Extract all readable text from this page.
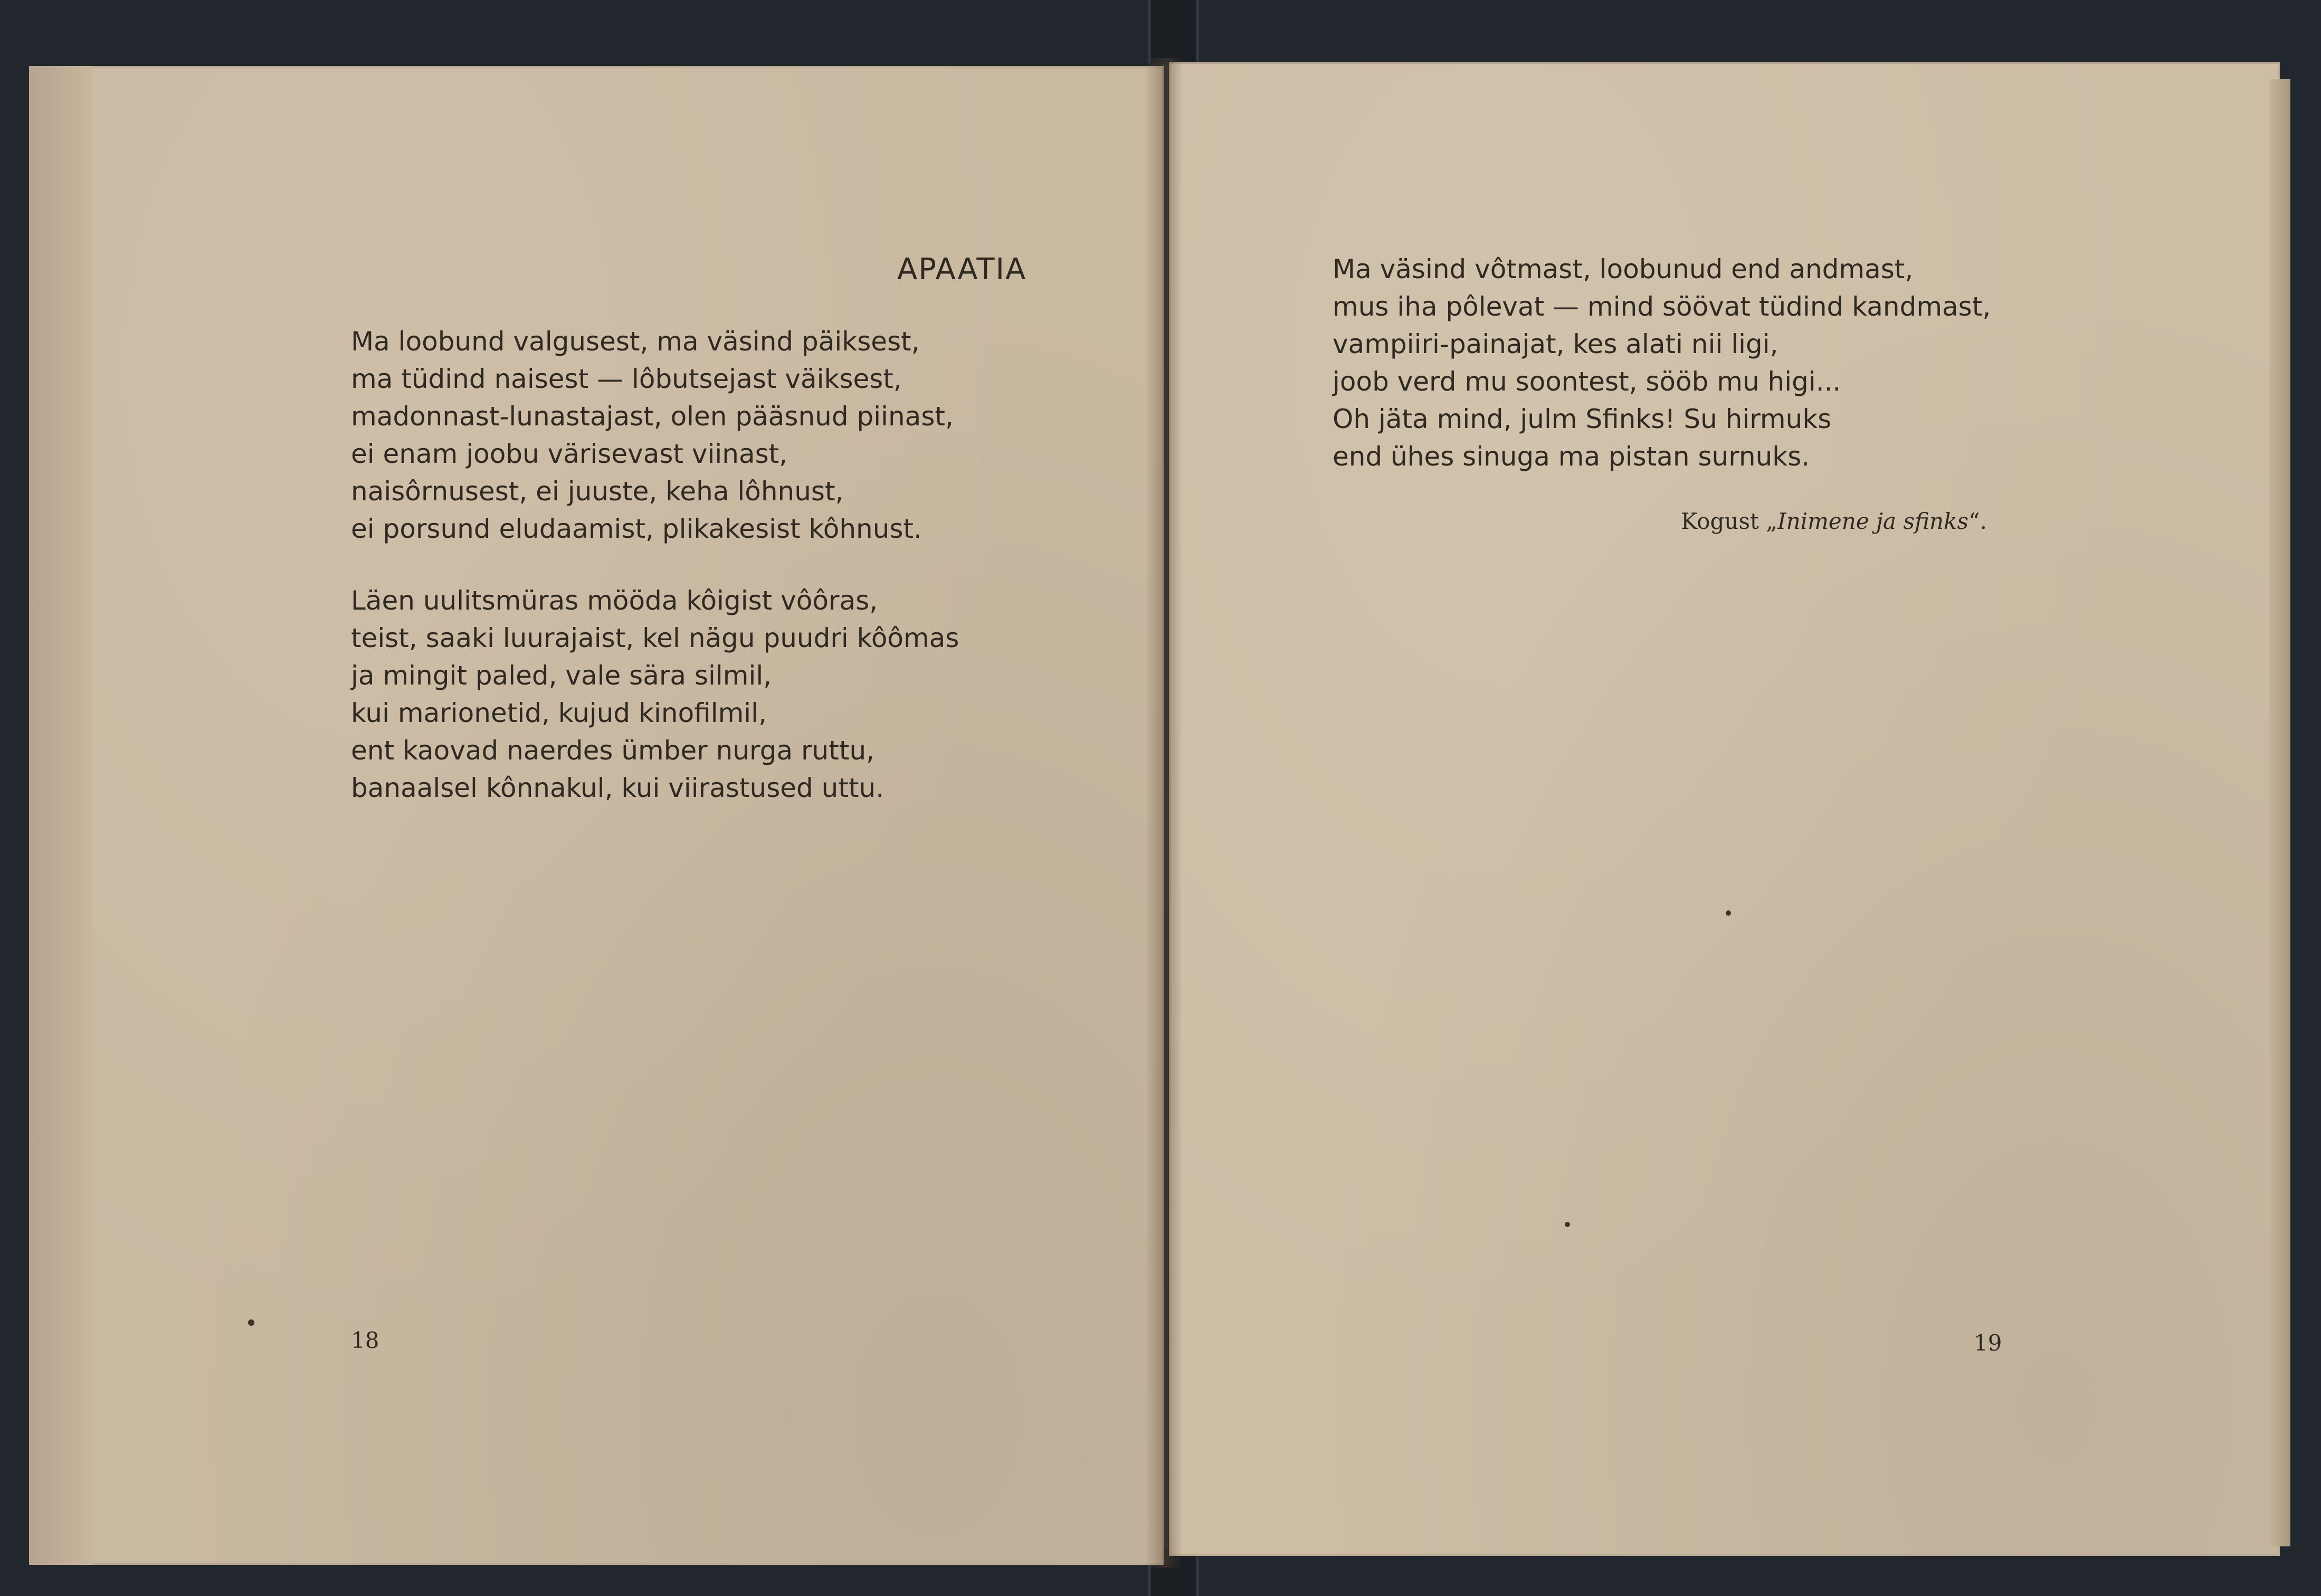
APAATIA
Ma loobund valgusest, ma väsind päiksest,
ma tüdind naisest — lôbutsejast väiksest,
madonnast-lunastajast, olen pääsnud piinast,
ei enam joobu värisevast viinast,
naisôrnusest, ei juuste, keha lôhnust,
ei porsund eludaamist, plikakesist kôhnust.
Läen uulitsmüras mööda kôigist vôôras,
teist, saaki luurajaist, kel nägu puudri kôômas
ja mingit paled, vale sära silmil,
kui marionetid, kujud kinofilmil,
ent kaovad naerdes ümber nurga ruttu,
banaalsel kônnakul, kui viirastused uttu.
18
Ma väsind vôtmast, loobunud end andmast,
mus iha pôlevat — mind söövat tüdind kandmast,
vampiiri-painajat, kes alati nii ligi,
joob verd mu soontest, sööb mu higi...
Oh jäta mind, julm Sfinks! Su hirmuks
end ühes sinuga ma pistan surnuks.
Kogust „Inimene ja sfinks“.
19
